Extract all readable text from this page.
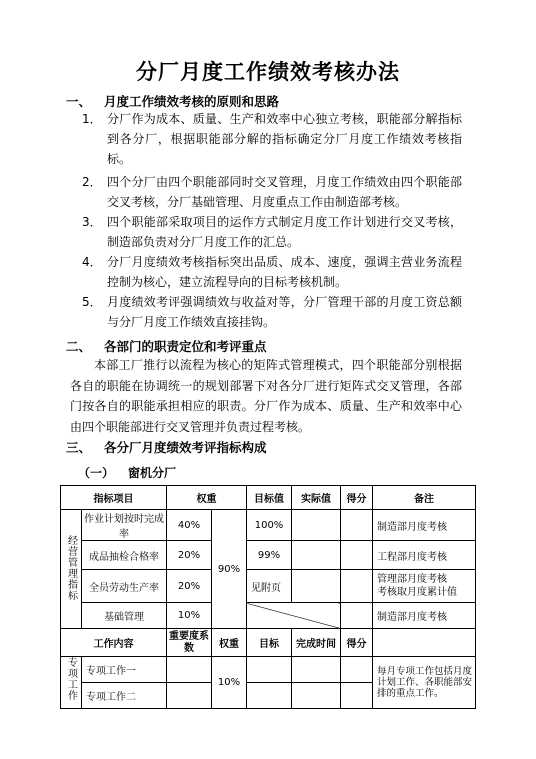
分厂月度工作绩效考核办法
一、 月度工作绩效考核的原则和思路
1． 分厂作为成本、质量、生产和效率中心独立考核，职能部分解指标到各分厂，根据职能部分解的指标确定分厂月度工作绩效考核指标。
2． 四个分厂由四个职能部同时交叉管理，月度工作绩效由四个职能部交叉考核，分厂基础管理、月度重点工作由制造部考核。
3． 四个职能部采取项目的运作方式制定月度工作计划进行交叉考核，制造部负责对分厂月度工作的汇总。
4． 分厂月度绩效考核指标突出品质、成本、速度，强调主营业务流程控制为核心，建立流程导向的目标考核机制。
5． 月度绩效考评强调绩效与收益对等，分厂管理干部的月度工资总额与分厂月度工作绩效直接挂钩。
二、 各部门的职责定位和考评重点
本部工厂推行以流程为核心的矩阵式管理模式，四个职能部分别根据各自的职能在协调统一的规划部署下对各分厂进行矩阵式交叉管理，各部门按各自的职能承担相应的职责。分厂作为成本、质量、生产和效率中心由四个职能部进行交叉管理并负责过程考核。
三、 各分厂月度绩效考评指标构成
（一） 窗机分厂
指标项目		权重		目标值	实际值	得分	备注
经营管理指标	作业计划按时完成率	40%	90%	100%			制造部月度考核
	成品抽检合格率	20%		99%			工程部月度考核
	全员劳动生产率	20%		见附页			管理部月度考核
考核取月度累计值

	基础管理	10%					制造部月度考核
工作内容		重要度系数	权重	目标	完成时间	得分	
专项工作	专项工作一		10%				每月专项工作包括月度计划工作、各职能部安排的重点工作。
	专项工作二						
